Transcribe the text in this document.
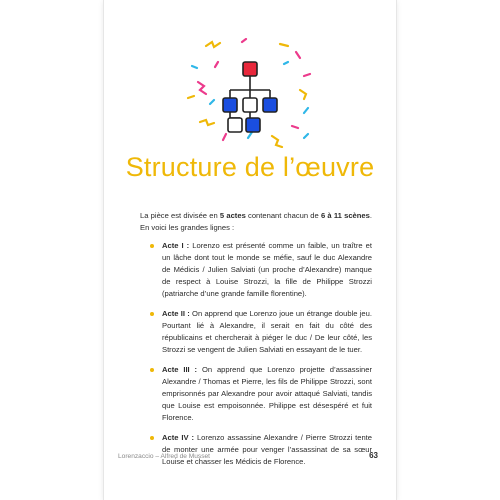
Structure de l’œuvre

La pièce est divisée en 5 actes contenant chacun de 6 à 11 scènes. En voici les grandes lignes :

Acte I : Lorenzo est présenté comme un faible, un traître et un lâche dont tout le monde se méfie, sauf le duc Alexandre de Médicis / Julien Salviati (un proche d’Alexandre) manque de respect à Louise Strozzi, la fille de Philippe Strozzi (patriarche d’une grande famille florentine).
Acte II : On apprend que Lorenzo joue un étrange double jeu. Pourtant lié à Alexandre, il serait en fait du côté des républicains et chercherait à piéger le duc / De leur côté, les Strozzi se vengent de Julien Salviati en essayant de le tuer.
Acte III : On apprend que Lorenzo projette d’assassiner Alexandre / Thomas et Pierre, les fils de Philippe Strozzi, sont emprisonnés par Alexandre pour avoir attaqué Salviati, tandis que Louise est empoisonnée. Philippe est désespéré et fuit Florence.
Acte IV : Lorenzo assassine Alexandre / Pierre Strozzi tente de monter une armée pour venger l’assassinat de sa sœur Louise et chasser les Médicis de Florence.
Lorenzaccio – Alfred de Musset	63
